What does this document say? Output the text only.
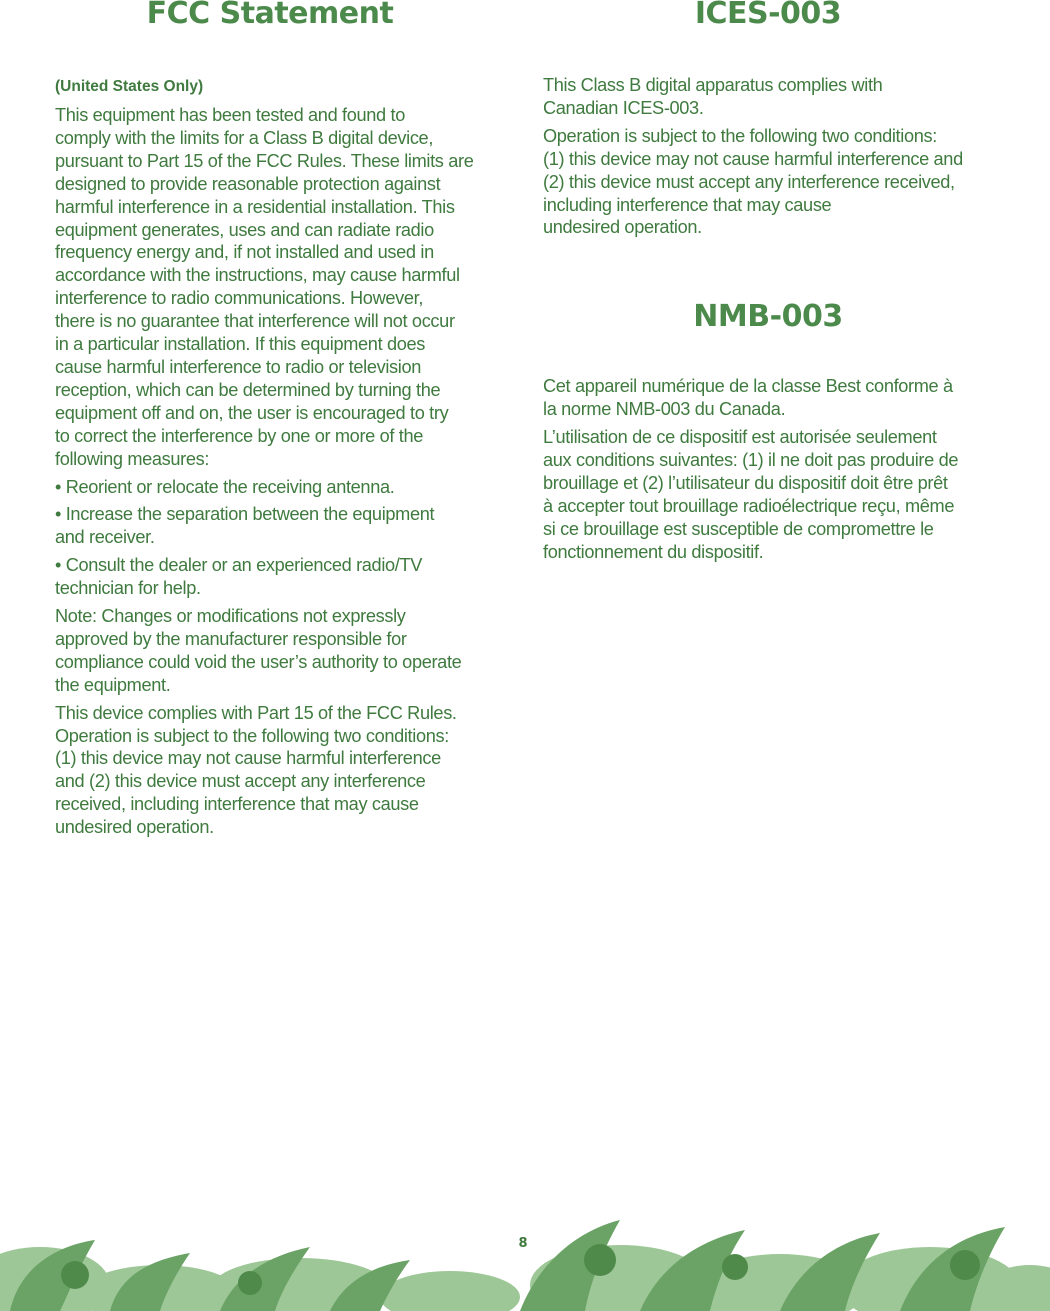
FCC Statement
(United States Only)

This equipment has been tested and found to
comply with the limits for a Class B digital device,
pursuant to Part 15 of the FCC Rules. These limits are
designed to provide reasonable protection against
harmful interference in a residential installation. This
equipment generates, uses and can radiate radio
frequency energy and, if not installed and used in
accordance with the instructions, may cause harmful
interference to radio communications. However,
there is no guarantee that interference will not occur
in a particular installation. If this equipment does
cause harmful interference to radio or television
reception, which can be determined by turning the
equipment off and on, the user is encouraged to try
to correct the interference by one or more of the
following measures:

• Reorient or relocate the receiving antenna.

• Increase the separation between the equipment
and receiver.

• Consult the dealer or an experienced radio/TV
technician for help.

Note: Changes or modifications not expressly
approved by the manufacturer responsible for
compliance could void the user’s authority to operate
the equipment.

This device complies with Part 15 of the FCC Rules.
Operation is subject to the following two conditions:
(1) this device may not cause harmful interference
and (2) this device must accept any interference
received, including interference that may cause
undesired operation.

ICES-003

This Class B digital apparatus complies with
Canadian ICES-003.

Operation is subject to the following two conditions:
(1) this device may not cause harmful interference and
(2) this device must accept any interference received,
including interference that may cause
undesired operation.

NMB-003

Cet appareil numérique de la classe Best conforme à
la norme NMB-003 du Canada.

L’utilisation de ce dispositif est autorisée seulement
aux conditions suivantes: (1) il ne doit pas produire de
brouillage et (2) l’utilisateur du dispositif doit être prêt
à accepter tout brouillage radioélectrique reçu, même
si ce brouillage est susceptible de compromettre le
fonctionnement du dispositif.

8
